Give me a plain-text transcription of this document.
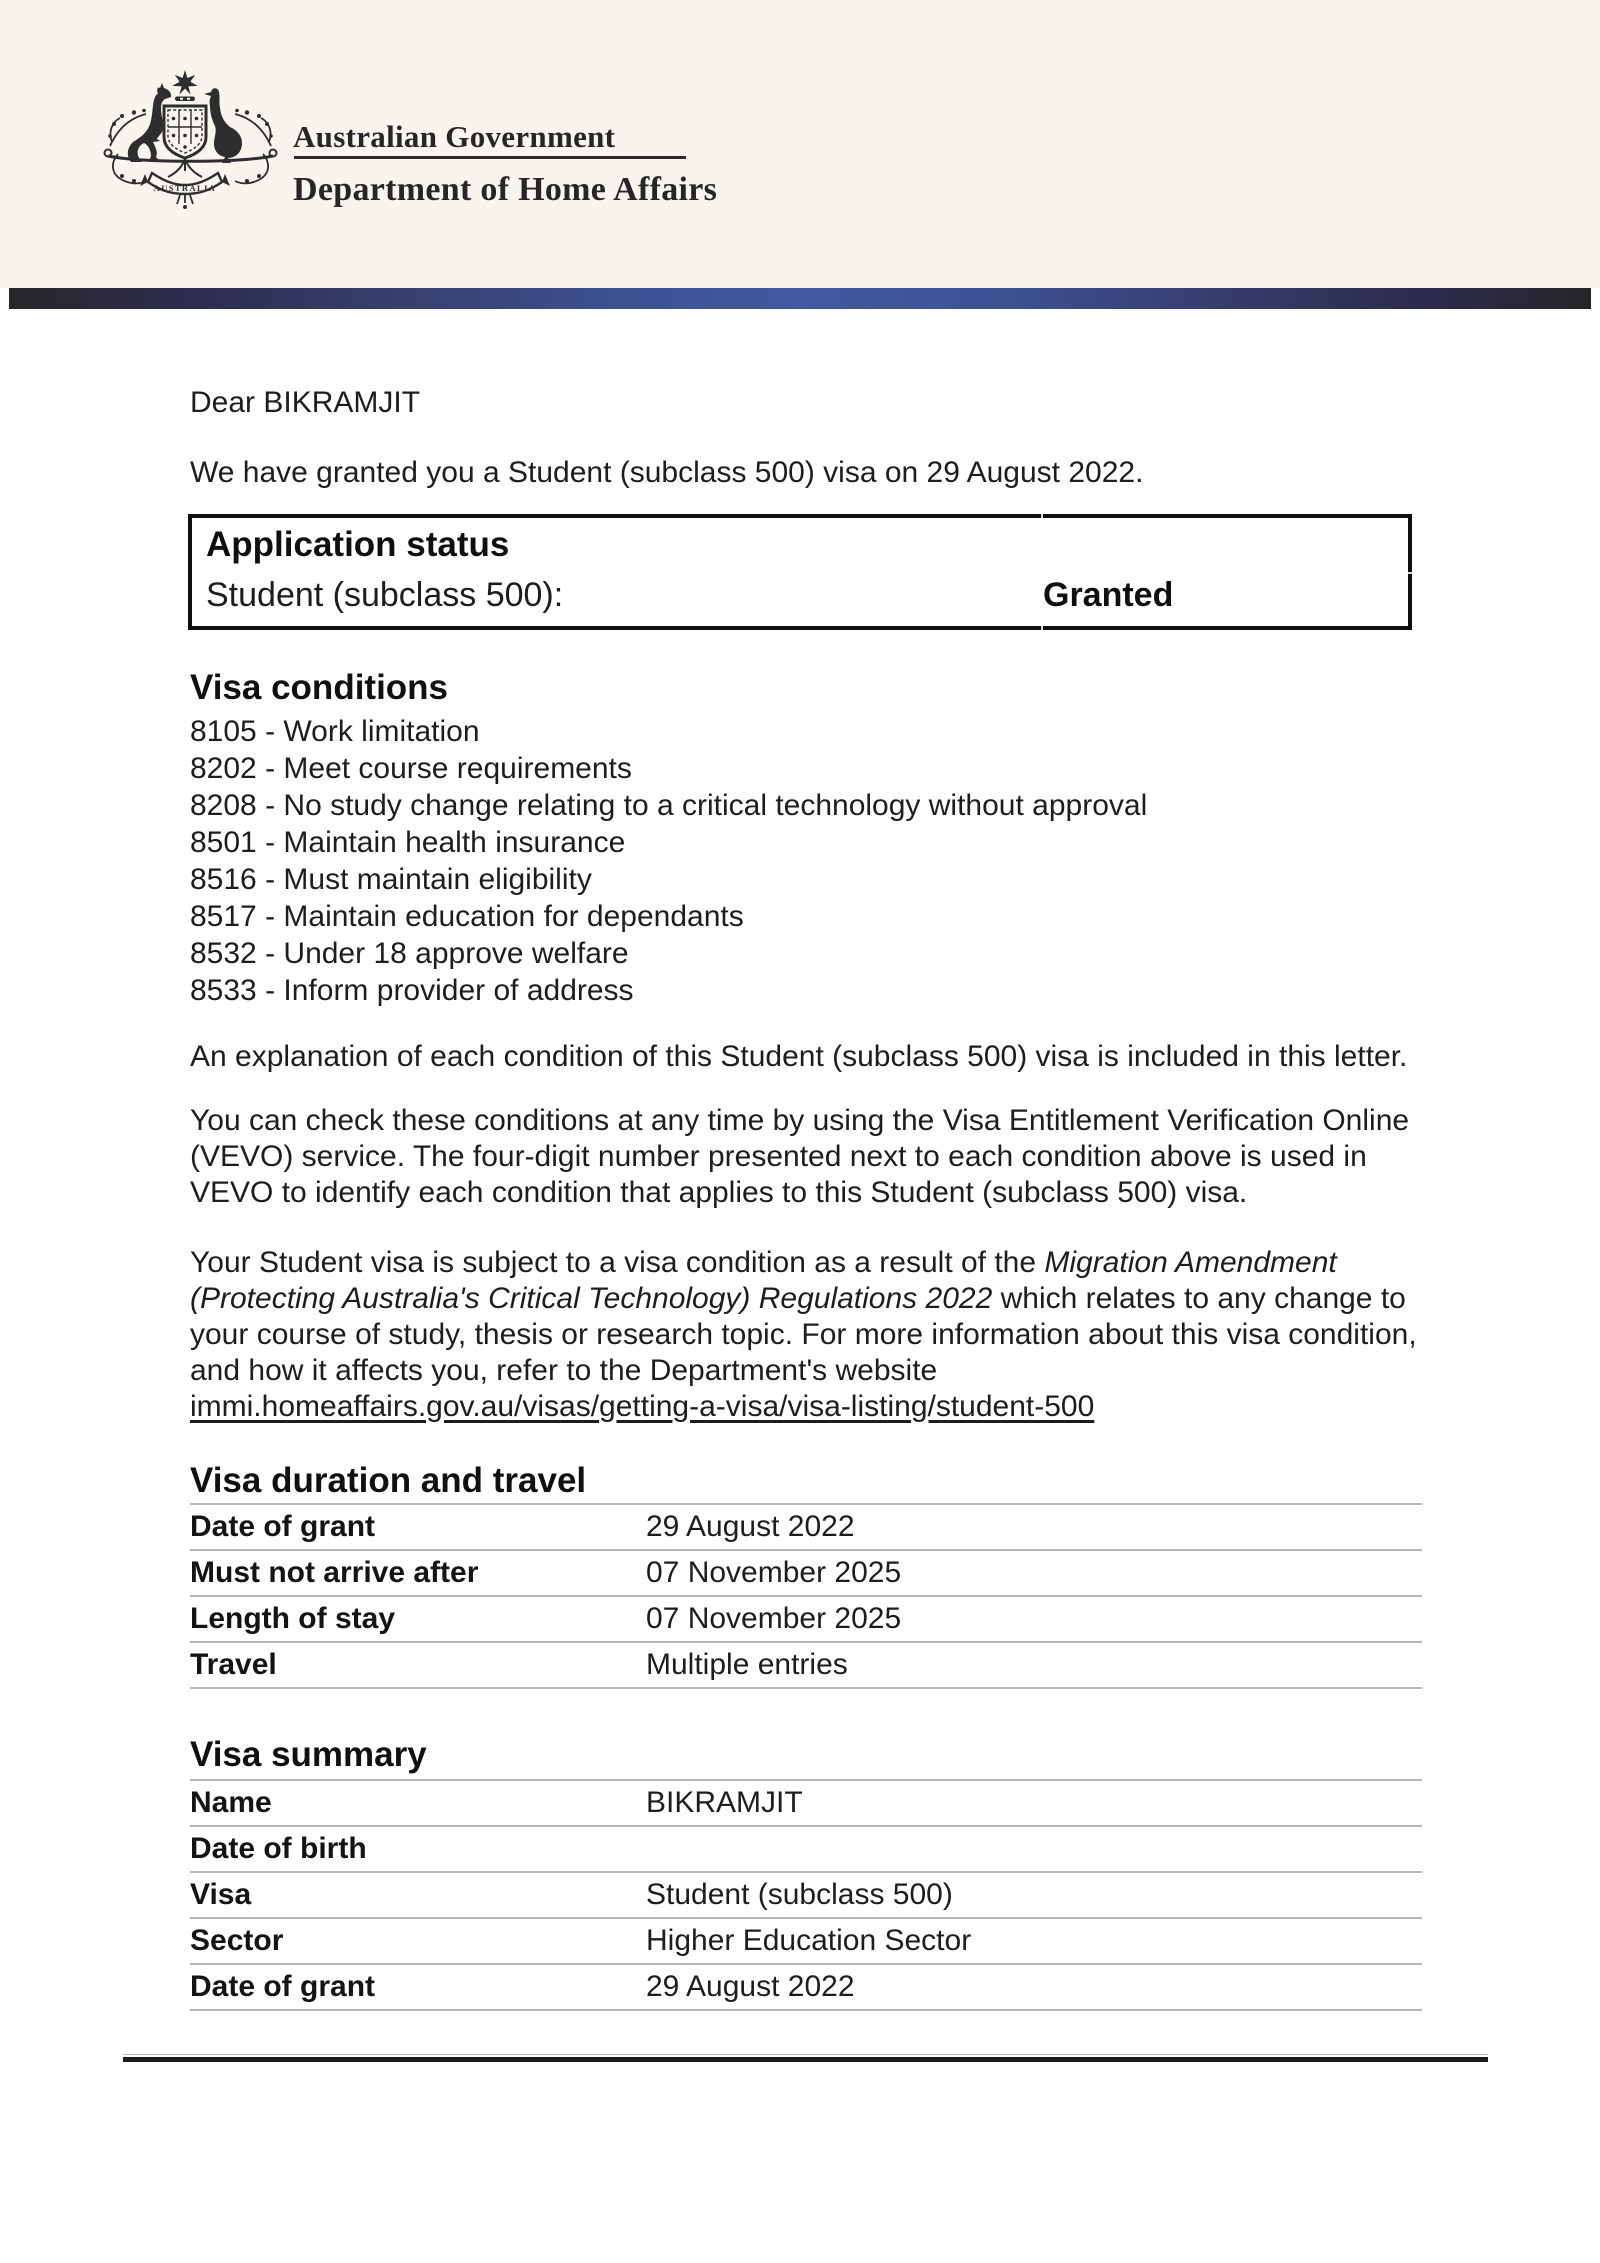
AUSTRALIA
Australian Government
Department of Home Affairs

Dear BIKRAMJIT

We have granted you a Student (subclass 500) visa on 29 August 2022.

Application status
Student (subclass 500):	Granted
Visa conditions
8105 - Work limitation
8202 - Meet course requirements
8208 - No study change relating to a critical technology without approval
8501 - Maintain health insurance
8516 - Must maintain eligibility
8517 - Maintain education for dependants
8532 - Under 18 approve welfare
8533 - Inform provider of address

An explanation of each condition of this Student (subclass 500) visa is included in this letter.

You can check these conditions at any time by using the Visa Entitlement Verification Online (VEVO) service. The four-digit number presented next to each condition above is used in VEVO to identify each condition that applies to this Student (subclass 500) visa.

Your Student visa is subject to a visa condition as a result of the Migration Amendment (Protecting Australia's Critical Technology) Regulations 2022 which relates to any change to your course of study, thesis or research topic. For more information about this visa condition, and how it affects you, refer to the Department's website immi.homeaffairs.gov.au/visas/getting-a-visa/visa-listing/student-500

Visa duration and travel
Date of grant	29 August 2022
Must not arrive after	07 November 2025
Length of stay	07 November 2025
Travel	Multiple entries
Visa summary
Name	BIKRAMJIT
Date of birth
Visa	Student (subclass 500)
Sector	Higher Education Sector
Date of grant	29 August 2022
